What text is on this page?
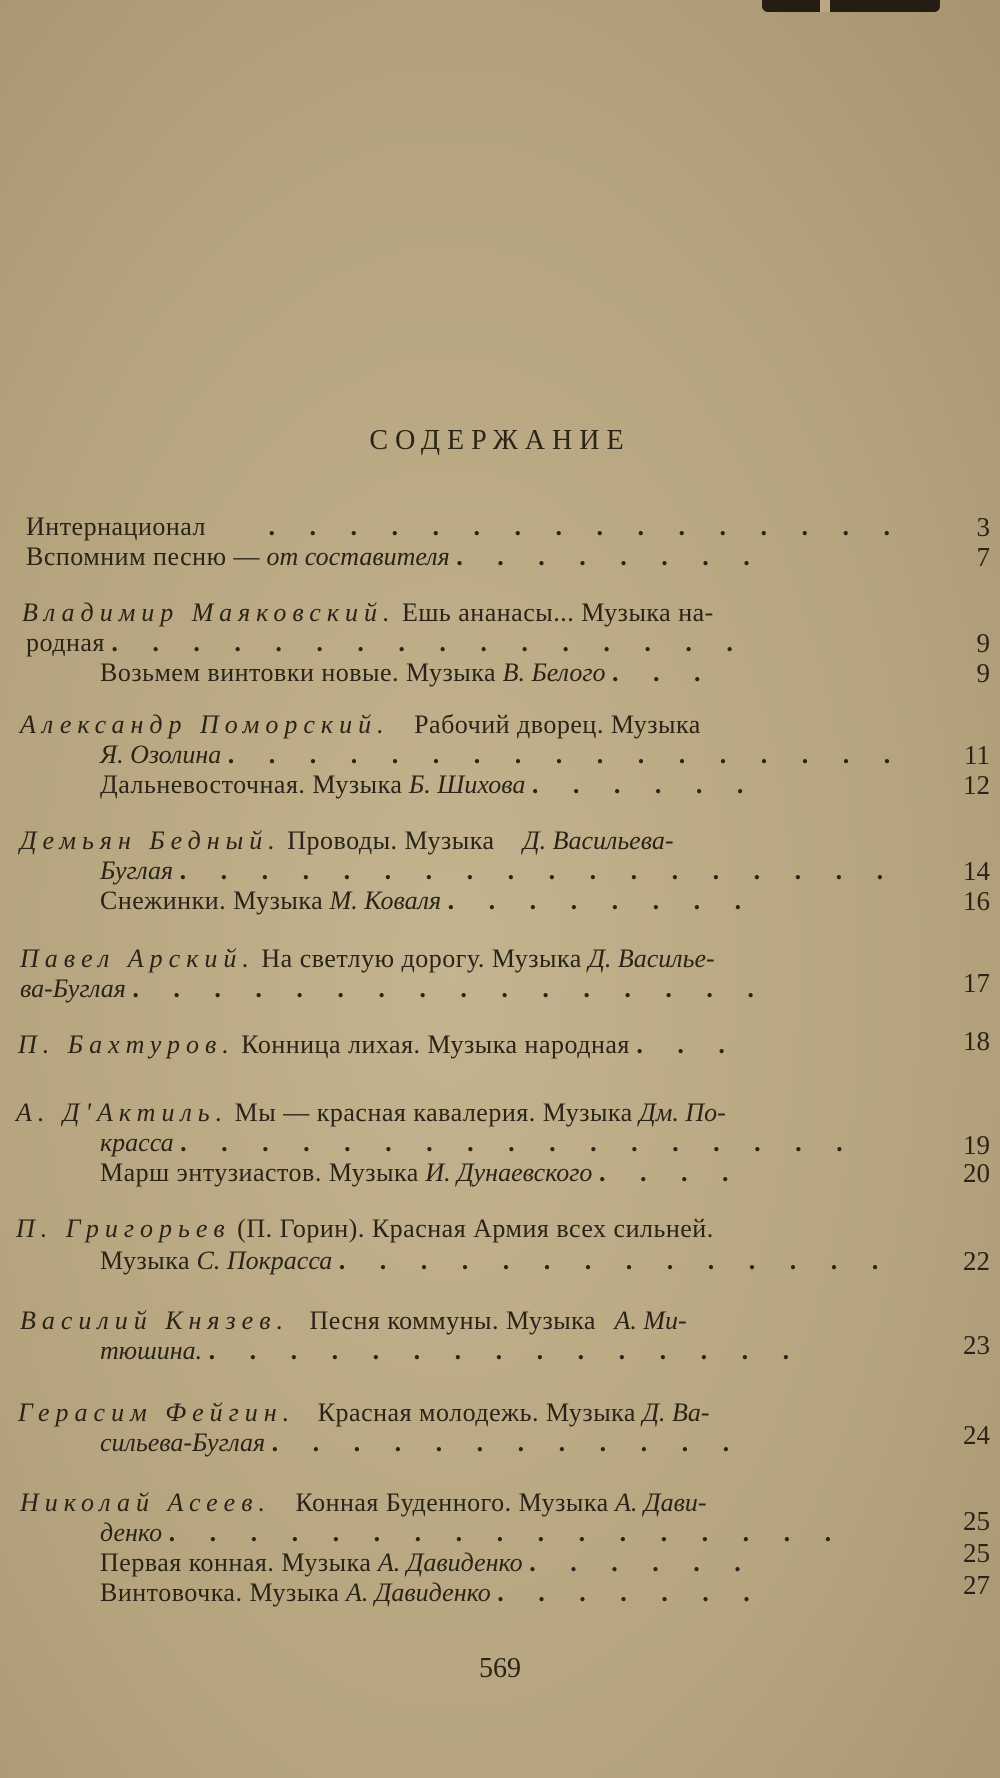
СОДЕРЖАНИЕ
Интернационал . . . . . . . . . . . . . . . .	3
Вспомним песню — от составителя . . . . . . . .	7
Владимир Маяковский. Ешь ананасы... Музыка на-
родная . . . . . . . . . . . . . . . .	9
Возьмем винтовки новые. Музыка В. Белого . . .	9
Александр Поморский. Рабочий дворец. Музыка
Я. Озолина . . . . . . . . . . . . . . . . .	11
Дальневосточная. Музыка Б. Шихова . . . . . .	12
Демьян Бедный. Проводы. Музыка Д. Васильева-
Буглая . . . . . . . . . . . . . . . . . .	14
Снежинки. Музыка М. Коваля . . . . . . . .	16
Павел Арский. На светлую дорогу. Музыка Д. Василье-
ва-Буглая . . . . . . . . . . . . . . . .	17
П. Бахтуров. Конница лихая. Музыка народная . . .	18
А. Д'Актиль. Мы — красная кавалерия. Музыка Дм. По-
красса . . . . . . . . . . . . . . . . .	19
Марш энтузиастов. Музыка И. Дунаевского . . . .	20
П. Григорьев (П. Горин). Красная Армия всех сильней.
Музыка С. Покрасса . . . . . . . . . . . . . .	22
Василий Князев. Песня коммуны. Музыка А. Ми-
тюшина. . . . . . . . . . . . . . . .	23
Герасим Фейгин. Красная молодежь. Музыка Д. Ва-
сильева-Буглая . . . . . . . . . . . .	24
Николай Асеев. Конная Буденного. Музыка А. Дави-
денко . . . . . . . . . . . . . . . . .	25
Первая конная. Музыка А. Давиденко . . . . . .	25
Винтовочка. Музыка А. Давиденко . . . . . . .	27
569
